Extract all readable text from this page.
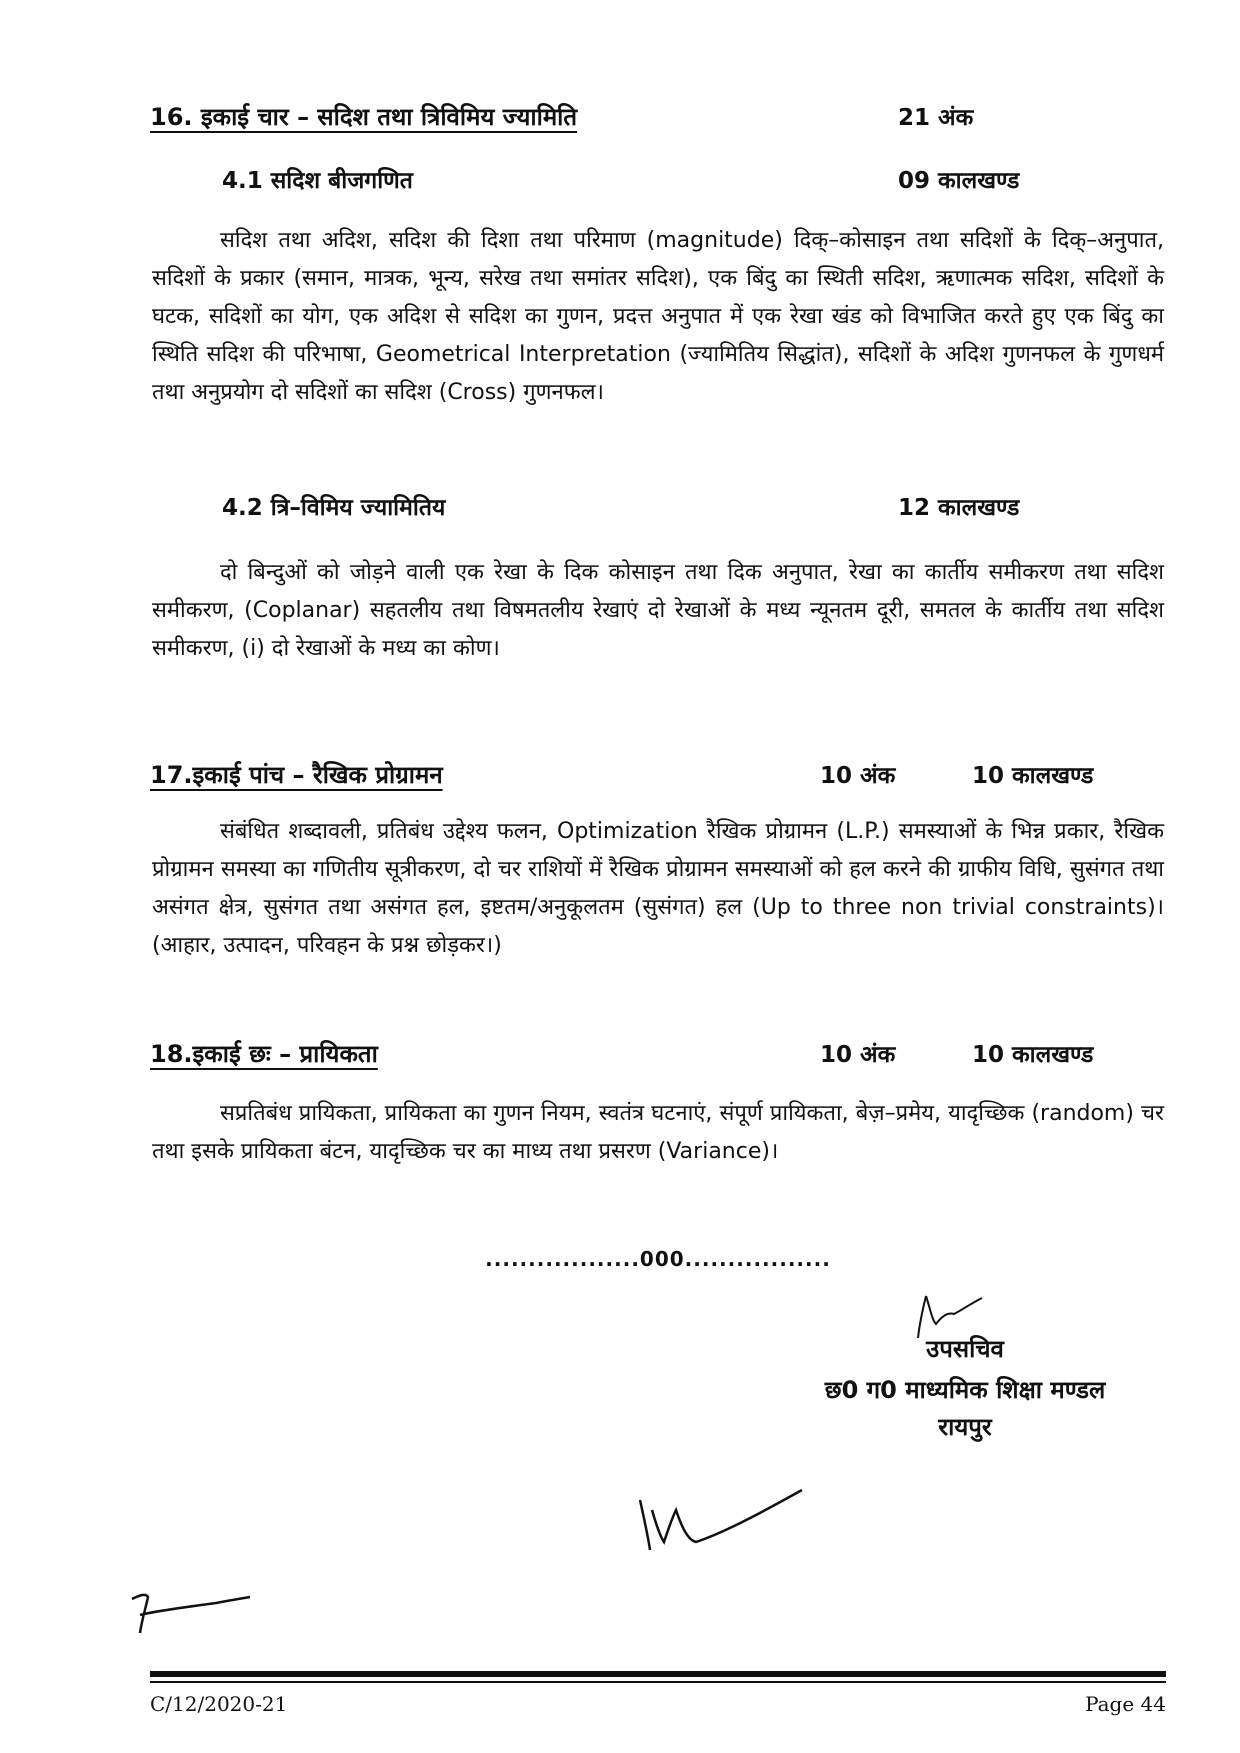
16. इकाई चार – सदिश तथा त्रिविमिय ज्यामिति	21 अंक
4.1 सदिश बीजगणित	09 कालखण्ड
सदिश तथा अदिश, सदिश की दिशा तथा परिमाण (magnitude) दिक्–कोसाइन तथा सदिशों के दिक्–अनुपात, सदिशों के प्रकार (समान, मात्रक, भून्य, सरेख तथा समांतर सदिश), एक बिंदु का स्थिती सदिश, ऋणात्मक सदिश, सदिशों के घटक, सदिशों का योग, एक अदिश से सदिश का गुणन, प्रदत्त अनुपात में एक रेखा खंड को विभाजित करते हुए एक बिंदु का स्थिति सदिश की परिभाषा, Geometrical Interpretation (ज्यामितिय सिद्धांत), सदिशों के अदिश गुणनफल के गुणधर्म तथा अनुप्रयोग दो सदिशों का सदिश (Cross) गुणनफल।
4.2 त्रि–विमिय ज्यामितिय	12 कालखण्ड
दो बिन्दुओं को जोड़ने वाली एक रेखा के दिक कोसाइन तथा दिक अनुपात, रेखा का कार्तीय समीकरण तथा सदिश समीकरण, (Coplanar) सहतलीय तथा विषमतलीय रेखाएं दो रेखाओं के मध्य न्यूनतम दूरी, समतल के कार्तीय तथा सदिश समीकरण, (i) दो रेखाओं के मध्य का कोण।
17.इकाई पांच – रैखिक प्रोग्रामन	10 अंक	10 कालखण्ड
संबंधित शब्दावली, प्रतिबंध उद्देश्य फलन, Optimization रैखिक प्रोग्रामन (L.P.) समस्याओं के भिन्न प्रकार, रैखिक प्रोग्रामन समस्या का गणितीय सूत्रीकरण, दो चर राशियों में रैखिक प्रोग्रामन समस्याओं को हल करने की ग्राफीय विधि, सुसंगत तथा असंगत क्षेत्र, सुसंगत तथा असंगत हल, इष्टतम/अनुकूलतम (सुसंगत) हल (Up to three non trivial constraints)। (आहार, उत्पादन, परिवहन के प्रश्न छोड़कर।)
18.इकाई छः – प्रायिकता	10 अंक	10 कालखण्ड
सप्रतिबंध प्रायिकता, प्रायिकता का गुणन नियम, स्वतंत्र घटनाएं, संपूर्ण प्रायिकता, बेज़–प्रमेय, यादृच्छिक (random) चर तथा इसके प्रायिकता बंटन, यादृच्छिक चर का माध्य तथा प्रसरण (Variance)।
..................000.................
उपसचिव
छ0 ग0 माध्यमिक शिक्षा मण्डल
रायपुर
C/12/2020-21	Page 44
